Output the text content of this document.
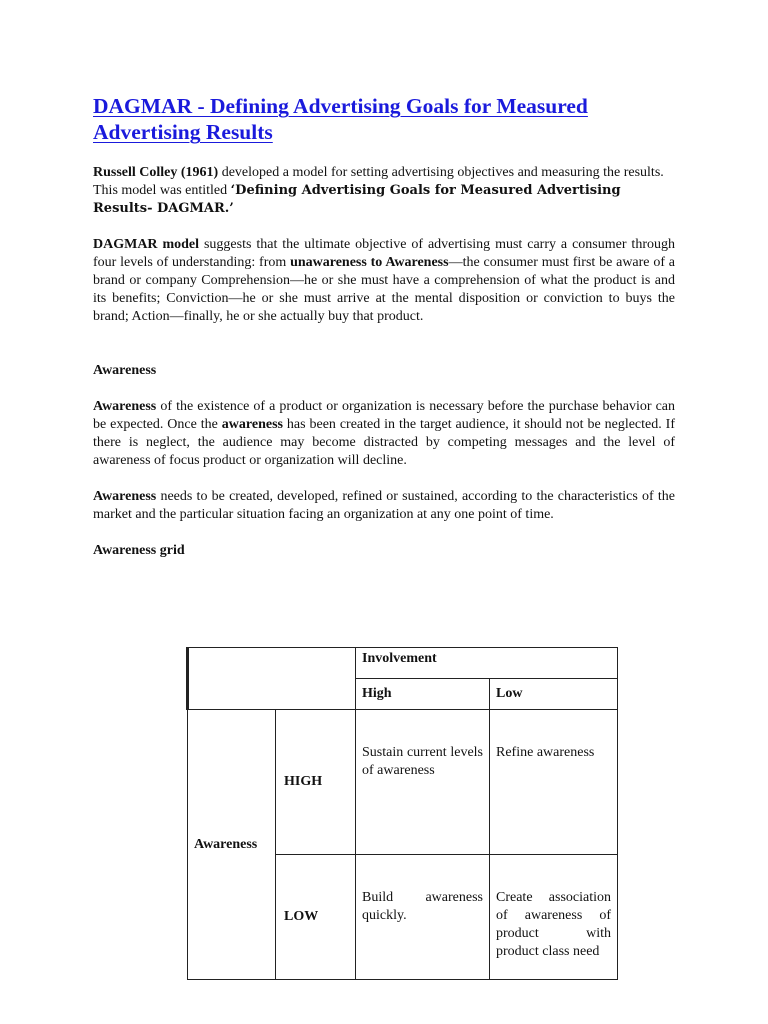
DAGMAR - Defining Advertising Goals for Measured Advertising Results

Russell Colley (1961) developed a model for setting advertising objectives and measuring the results. This model was entitled ‘Defining Advertising Goals for Measured Advertising Results- DAGMAR.’

DAGMAR model suggests that the ultimate objective of advertising must carry a consumer through four levels of understanding: from unawareness to Awareness—the consumer must first be aware of a brand or company Comprehension—he or she must have a comprehension of what the product is and its benefits; Conviction—he or she must arrive at the mental disposition or conviction to buys the brand; Action—finally, he or she actually buy that product.

Awareness

Awareness of the existence of a product or organization is necessary before the purchase behavior can be expected. Once the awareness has been created in the target audience, it should not be neglected. If there is neglect, the audience may become distracted by competing messages and the level of awareness of focus product or organization will decline.

Awareness needs to be created, developed, refined or sustained, according to the characteristics of the market and the particular situation facing an organization at any one point of time.

Awareness grid

		Involvement	
		High	Low
Awareness	HIGH	Sustain current levels of awareness	Refine awareness
	LOW	Build awareness quickly.	Create association of awareness of product with product class need
